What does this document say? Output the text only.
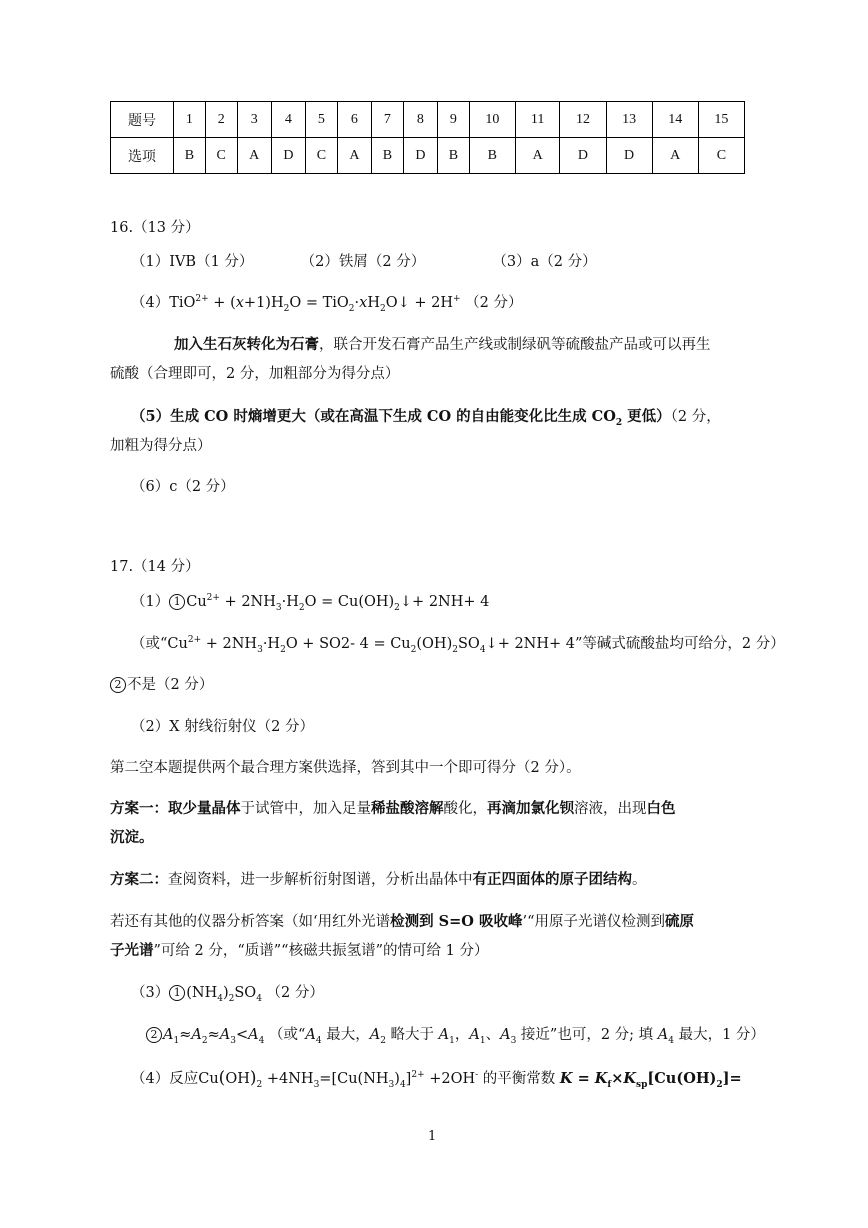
题号	1	2	3	4	5	6	7	8	9	10	11	12	13	14	15
选项	B	C	A	D	C	A	B	D	B	B	A	D	D	A	C
16.（13 分）
（1）IVB（1 分）	（2）铁屑（2 分）	（3）a（2 分）
$(4)TiO^{2+} + (x+1)H_2O$ = $TiO_2\cdot xH_2O↓ + 2H^+$ （2 分）
加入生石灰转化为石膏，联合开发石膏产品生产线或制绿矾等硫酸盐产品或可以再生
硫酸（合理即可，2 分，加粗部分为得分点）
（5）生成 CO 时熵增更大（或在高温下生成 CO 的自由能变化比生成 $CO_2$ 更低）（2 分，
加粗为得分点）
（6）c（2 分）
17.（14 分）
（1） 1 $Cu^{2+} + 2NH_3\cdot H_2O$ = $Cu(OH)_2↓+ 2NH+ 4$
（或“$Cu^{2+} + 2NH_3\cdot H_2O + SO2-$ $4 = Cu_2(OH)_2SO_4↓+ 2NH+ 4$”等碱式硫酸盐均可给分，2 分）
2 不是（2 分）
（2）X 射线衍射仪（2 分）
第二空本题提供两个最合理方案供选择，答到其中一个即可得分（2 分）。
方案一：取少量晶体于试管中，加入足量稀盐酸溶解酸化，再滴加氯化钡溶液，出现白色
沉淀。
方案二：查阅资料，进一步解析衍射图谱，分析出晶体中有正四面体的原子团结构。
若还有其他的仪器分析答案（如‘用红外光谱检测到 S=O 吸收峰’“用原子光谱仪检测到硫原
子光谱”可给 2 分，“质谱”“核磁共振氢谱”的情可给 1 分）
（3） 1 $(NH_4)_2SO_4$ （2 分）
2 $A_1\approx A_2\approx A_3<A_4$ （或“$A_4$ 最大，$A_2$ 略大于 $A_1$，$A_1$、$A_3$ 接近”也可，2 分; 填 $A_4$ 最大，1 分）
（4）反应$Cu(OH)_2 +4NH_3=[Cu(NH_3)_4]^{2+} +2OH^-$ 的平衡常数 $K = K_f\times K_{sp}[Cu(OH)_2]=$
1
